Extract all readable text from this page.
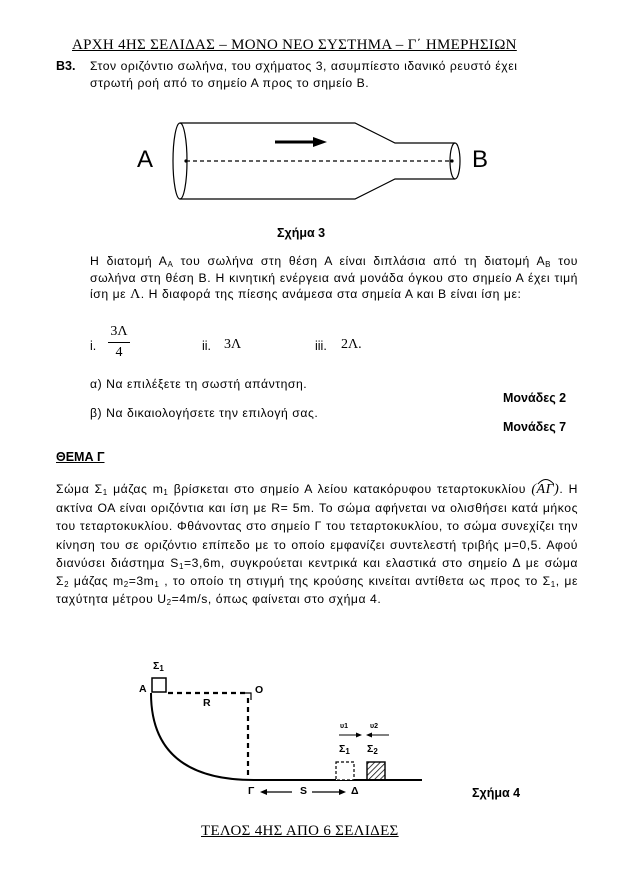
ΑΡΧΗ 4ΗΣ ΣΕΛΙΔΑΣ – ΜΟΝΟ ΝΕΟ ΣΥΣΤΗΜΑ – Γ΄ ΗΜΕΡΗΣΙΩΝ
Β3. Στον οριζόντιο σωλήνα, του σχήματος 3, ασυμπίεστο ιδανικό ρευστό έχει
στρωτή ροή από το σημείο Α προς το σημείο Β.
Α	Β
Σχήμα 3
Η διατομή $A_A$ του σωλήνα στη θέση Α είναι διπλάσια από τη διατομή $A_B$ του σωλήνα στη θέση Β. Η κινητική ενέργεια ανά μονάδα όγκου στο σημείο Α έχει τιμή ίση με Λ. Η διαφορά της πίεσης ανάμεσα στα σημεία Α και Β είναι ίση με:
i. $\frac{3\Lambda}{4}$	ii. 3Λ	iii. 2Λ.
α) Να επιλέξετε τη σωστή απάντηση.
Μονάδες 2
β) Να δικαιολογήσετε την επιλογή σας.
Μονάδες 7
ΘΕΜΑ Γ
Σώμα $\Sigma_1$ μάζας $m_1$ βρίσκεται στο σημείο Α λείου κατακόρυφου τεταρτοκυκλίου (
ΑΓ). Η ακτίνα ΟΑ είναι οριζόντια και ίση με R= 5m. Το σώμα αφήνεται να ολισθήσει κατά μήκος του τεταρτοκυκλίου. Φθάνοντας στο σημείο Γ του τεταρτοκυκλίου, το σώμα συνεχίζει την κίνηση του σε οριζόντιο επίπεδο με το οποίο εμφανίζει συντελεστή τριβής μ=0,5. Αφού διανύσει διάστημα $S_1=3,6m$, συγκρούεται κεντρικά και ελαστικά στο σημείο Δ με σώμα $\Sigma_2$ μάζας $m_2=3m_1$ , το οποίο τη στιγμή της κρούσης κινείται αντίθετα ως προς το $\Sigma_1$, με ταχύτητα μέτρου $U_2=4m/s$, όπως φαίνεται στο σχήμα 4.
$\Sigma_1$
Α	O
R
Γ	S	Δ
υ1	υ2
$\Sigma_1$ $\Sigma_2$
Σχήμα 4
ΤΕΛΟΣ 4ΗΣ ΑΠΟ 6 ΣΕΛΙΔΕΣ
